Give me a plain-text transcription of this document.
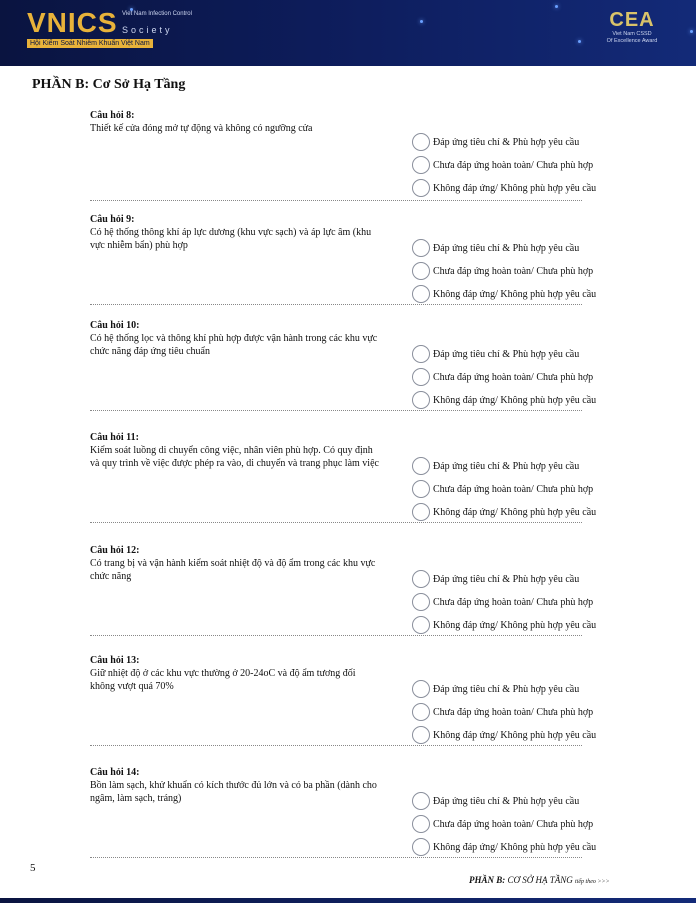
VNICS Viet Nam Infection Control
Society
Hội Kiểm Soát Nhiễm Khuẩn Việt Nam
CEA
Viet Nam CSSD
Of Excellence Award
PHẦN B: Cơ Sở Hạ Tầng
Câu hỏi 8:
Thiết kế cửa đóng mở tự động và không có ngưỡng cửa
Đáp ứng tiêu chí & Phù hợp yêu cầu
Chưa đáp ứng hoàn toàn/ Chưa phù hợp
Không đáp ứng/ Không phù hợp yêu cầu
Câu hỏi 9:
Có hệ thống thông khí áp lực dương (khu vực sạch) và áp lực âm (khu vực nhiễm bẩn) phù hợp	Đáp ứng tiêu chí & Phù hợp yêu cầu
Chưa đáp ứng hoàn toàn/ Chưa phù hợp
Không đáp ứng/ Không phù hợp yêu cầu
Câu hỏi 10:
Có hệ thống lọc và thông khí phù hợp được vận hành trong các khu vực chức năng đáp ứng tiêu chuẩn	Đáp ứng tiêu chí & Phù hợp yêu cầu
Chưa đáp ứng hoàn toàn/ Chưa phù hợp
Không đáp ứng/ Không phù hợp yêu cầu
Câu hỏi 11:
Kiểm soát luồng di chuyển công việc, nhân viên phù hợp. Có quy định và quy trình về việc được phép ra vào, di chuyển và trang phục làm việc	Đáp ứng tiêu chí & Phù hợp yêu cầu
Chưa đáp ứng hoàn toàn/ Chưa phù hợp
Không đáp ứng/ Không phù hợp yêu cầu
Câu hỏi 12:
Có trang bị và vận hành kiểm soát nhiệt độ và độ ẩm trong các khu vực chức năng	Đáp ứng tiêu chí & Phù hợp yêu cầu
Chưa đáp ứng hoàn toàn/ Chưa phù hợp
Không đáp ứng/ Không phù hợp yêu cầu
Câu hỏi 13:
Giữ nhiệt độ ở các khu vực thường ở 20-24oC và độ ẩm tương đối không vượt quá 70%	Đáp ứng tiêu chí & Phù hợp yêu cầu
Chưa đáp ứng hoàn toàn/ Chưa phù hợp
Không đáp ứng/ Không phù hợp yêu cầu
Câu hỏi 14:
Bồn làm sạch, khử khuẩn có kích thước đủ lớn và có ba phần (dành cho ngâm, làm sạch, tráng)	Đáp ứng tiêu chí & Phù hợp yêu cầu
Chưa đáp ứng hoàn toàn/ Chưa phù hợp
Không đáp ứng/ Không phù hợp yêu cầu
5
PHẦN B: CƠ SỞ HẠ TẦNG tiếp theo >>>
